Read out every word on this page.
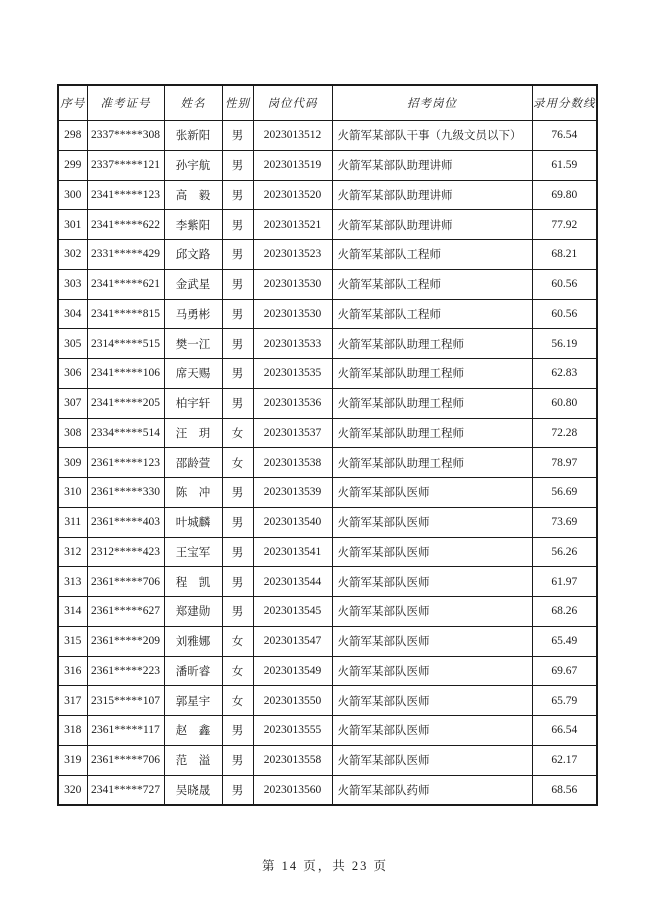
序号	准考证号	姓名	性别	岗位代码	招考岗位	录用分数线
298	2337*****308	张新阳	男	2023013512	火箭军某部队干事（九级文员以下）	76.54
299	2337*****121	孙宇航	男	2023013519	火箭军某部队助理讲师	61.59
300	2341*****123	高　毅	男	2023013520	火箭军某部队助理讲师	69.80
301	2341*****622	李紫阳	男	2023013521	火箭军某部队助理讲师	77.92
302	2331*****429	邱文路	男	2023013523	火箭军某部队工程师	68.21
303	2341*****621	金武星	男	2023013530	火箭军某部队工程师	60.56
304	2341*****815	马勇彬	男	2023013530	火箭军某部队工程师	60.56
305	2314*****515	樊一江	男	2023013533	火箭军某部队助理工程师	56.19
306	2341*****106	席天赐	男	2023013535	火箭军某部队助理工程师	62.83
307	2341*****205	柏宇轩	男	2023013536	火箭军某部队助理工程师	60.80
308	2334*****514	汪　玥	女	2023013537	火箭军某部队助理工程师	72.28
309	2361*****123	邵龄萱	女	2023013538	火箭军某部队助理工程师	78.97
310	2361*****330	陈　冲	男	2023013539	火箭军某部队医师	56.69
311	2361*****403	叶城麟	男	2023013540	火箭军某部队医师	73.69
312	2312*****423	王宝军	男	2023013541	火箭军某部队医师	56.26
313	2361*****706	程　凯	男	2023013544	火箭军某部队医师	61.97
314	2361*****627	郑建勋	男	2023013545	火箭军某部队医师	68.26
315	2361*****209	刘雅娜	女	2023013547	火箭军某部队医师	65.49
316	2361*****223	潘昕睿	女	2023013549	火箭军某部队医师	69.67
317	2315*****107	郭星宇	女	2023013550	火箭军某部队医师	65.79
318	2361*****117	赵　鑫	男	2023013555	火箭军某部队医师	66.54
319	2361*****706	范　溢	男	2023013558	火箭军某部队医师	62.17
320	2341*****727	吴晓晟	男	2023013560	火箭军某部队药师	68.56
第 14 页，共 23 页
